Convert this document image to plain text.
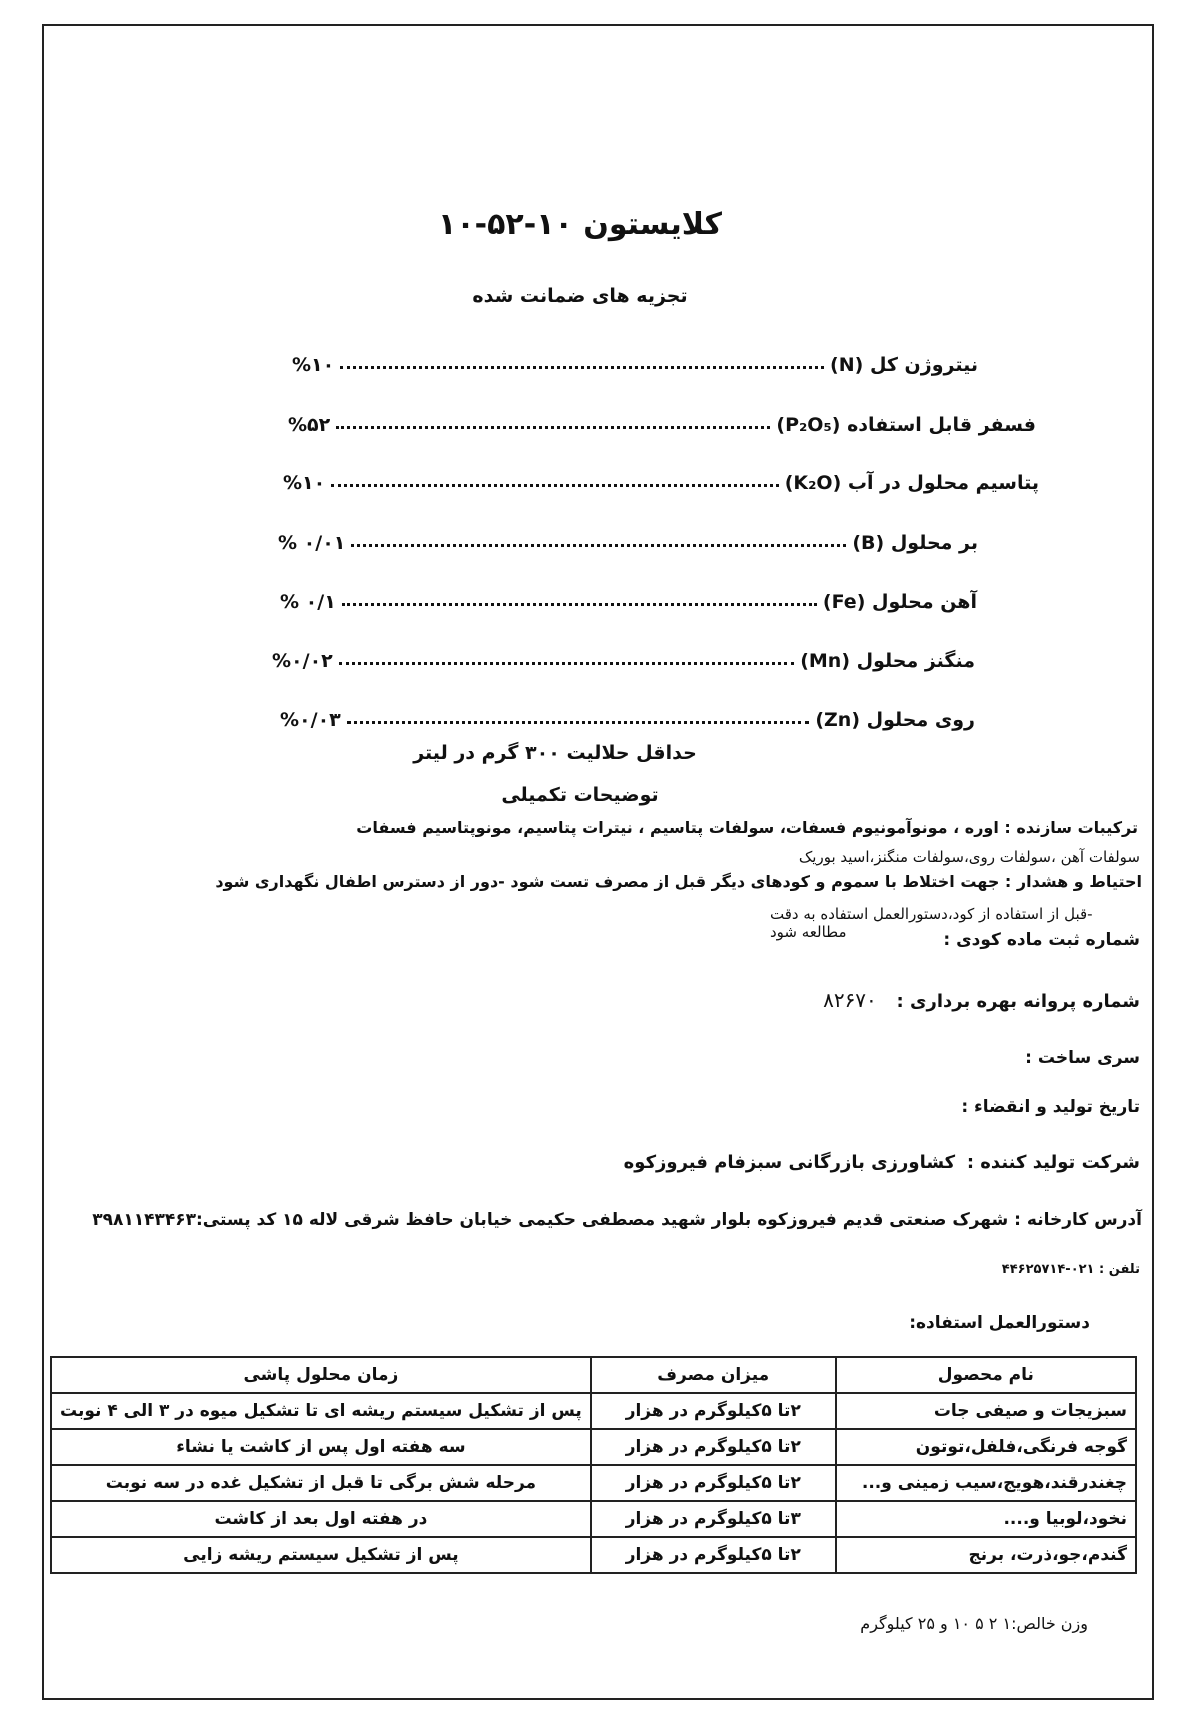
کلایستون ۱۰-۵۲-۱۰
تجزیه های ضمانت شده
نیتروژن کل (N)
%۱۰
فسفر قابل استفاده (P₂O₅)
%۵۲
پتاسیم محلول در آب (K₂O)
%۱۰
بر محلول (B)
% ۰/۰۱
آهن محلول (Fe)
% ۰/۱
منگنز محلول (Mn)
%۰/۰۲
روی محلول (Zn)
%۰/۰۳
حداقل حلالیت ۳۰۰ گرم در لیتر
توضیحات تکمیلی
ترکیبات سازنده : اوره ، مونوآمونیوم فسفات، سولفات پتاسیم ، نیترات پتاسیم، مونوپتاسیم فسفات
سولفات آهن ،سولفات روی،سولفات منگنز،اسید بوریک
احتیاط و هشدار : جهت اختلاط با سموم و کودهای دیگر قبل از مصرف تست شود -دور از دسترس اطفال نگهداری شود
-قبل از استفاده از کود،دستورالعمل استفاده به دقت مطالعه شود	شماره ثبت ماده کودی :
شماره پروانه بهره برداری : ۸۲۶۷۰
سری ساخت :
تاریخ تولید و انقضاء :
شرکت تولید کننده : کشاورزی بازرگانی سبزفام فیروزکوه
آدرس کارخانه : شهرک صنعتی قدیم فیروزکوه بلوار شهید مصطفی حکیمی خیابان حافظ شرقی لاله ۱۵ کد پستی:۳۹۸۱۱۴۳۴۶۳
تلفن : ۰۲۱-۴۴۶۲۵۷۱۴
دستورالعمل استفاده:
نام محصول	میزان مصرف	زمان محلول پاشی
سبزیجات و صیفی جات	۲تا ۵کیلوگرم در هزار	پس از تشکیل سیستم ریشه ای تا تشکیل میوه در ۳ الی ۴ نوبت
گوجه فرنگی،فلفل،توتون	۲تا ۵کیلوگرم در هزار	سه هفته اول پس از کاشت یا نشاء
چغندرقند،هویج،سیب زمینی و...	۲تا ۵کیلوگرم در هزار	مرحله شش برگی تا قبل از تشکیل غده در سه نوبت
نخود،لوبیا و....	۳تا ۵کیلوگرم در هزار	در هفته اول بعد از کاشت
گندم،جو،ذرت، برنج	۲تا ۵کیلوگرم در هزار	پس از تشکیل سیستم ریشه زایی
وزن خالص:۱ ۲ ۵ ۱۰ و ۲۵ کیلوگرم
